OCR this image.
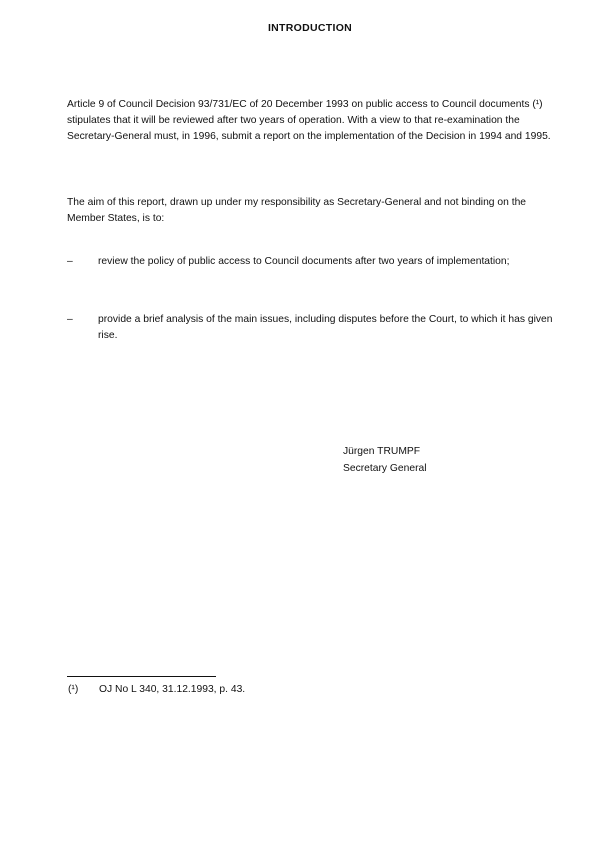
INTRODUCTION
Article 9 of Council Decision 93/731/EC of 20 December 1993 on public access to Council documents (¹) stipulates that it will be reviewed after two years of operation. With a view to that re-examination the Secretary-General must, in 1996, submit a report on the implementation of the Decision in 1994 and 1995.
The aim of this report, drawn up under my responsibility as Secretary-General and not binding on the Member States, is to:
– review the policy of public access to Council documents after two years of implementation;
– provide a brief analysis of the main issues, including disputes before the Court, to which it has given rise.
Jürgen TRUMPF
Secretary General
(¹) OJ No L 340, 31.12.1993, p. 43.
